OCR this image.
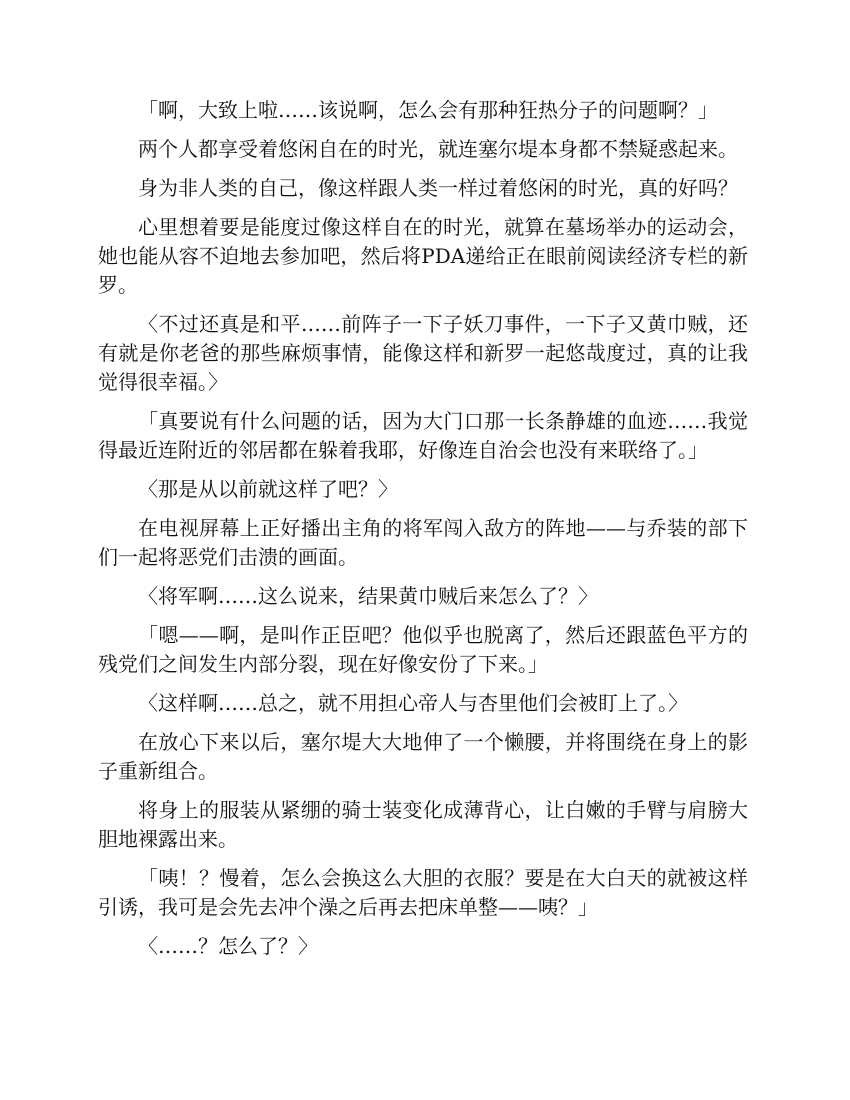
「啊，大致上啦……该说啊，怎么会有那种狂热分子的问题啊？」

两个人都享受着悠闲自在的时光，就连塞尔堤本身都不禁疑惑起来。

身为非人类的自己，像这样跟人类一样过着悠闲的时光，真的好吗？

心里想着要是能度过像这样自在的时光，就算在墓场举办的运动会，她也能从容不迫地去参加吧，然后将PDA递给正在眼前阅读经济专栏的新罗。

〈不过还真是和平……前阵子一下子妖刀事件，一下子又黄巾贼，还有就是你老爸的那些麻烦事情，能像这样和新罗一起悠哉度过，真的让我觉得很幸福。〉

「真要说有什么问题的话，因为大门口那一长条静雄的血迹……我觉得最近连附近的邻居都在躲着我耶，好像连自治会也没有来联络了。」

〈那是从以前就这样了吧？〉

在电视屏幕上正好播出主角的将军闯入敌方的阵地——与乔装的部下们一起将恶党们击溃的画面。

〈将军啊……这么说来，结果黄巾贼后来怎么了？〉

「嗯——啊，是叫作正臣吧？他似乎也脱离了，然后还跟蓝色平方的残党们之间发生内部分裂，现在好像安份了下来。」

〈这样啊……总之，就不用担心帝人与杏里他们会被盯上了。〉

在放心下来以后，塞尔堤大大地伸了一个懒腰，并将围绕在身上的影子重新组合。

将身上的服装从紧绷的骑士装变化成薄背心，让白嫩的手臂与肩膀大胆地裸露出来。

「咦！？慢着，怎么会换这么大胆的衣服？要是在大白天的就被这样引诱，我可是会先去冲个澡之后再去把床单整——咦？」

〈……？怎么了？〉
